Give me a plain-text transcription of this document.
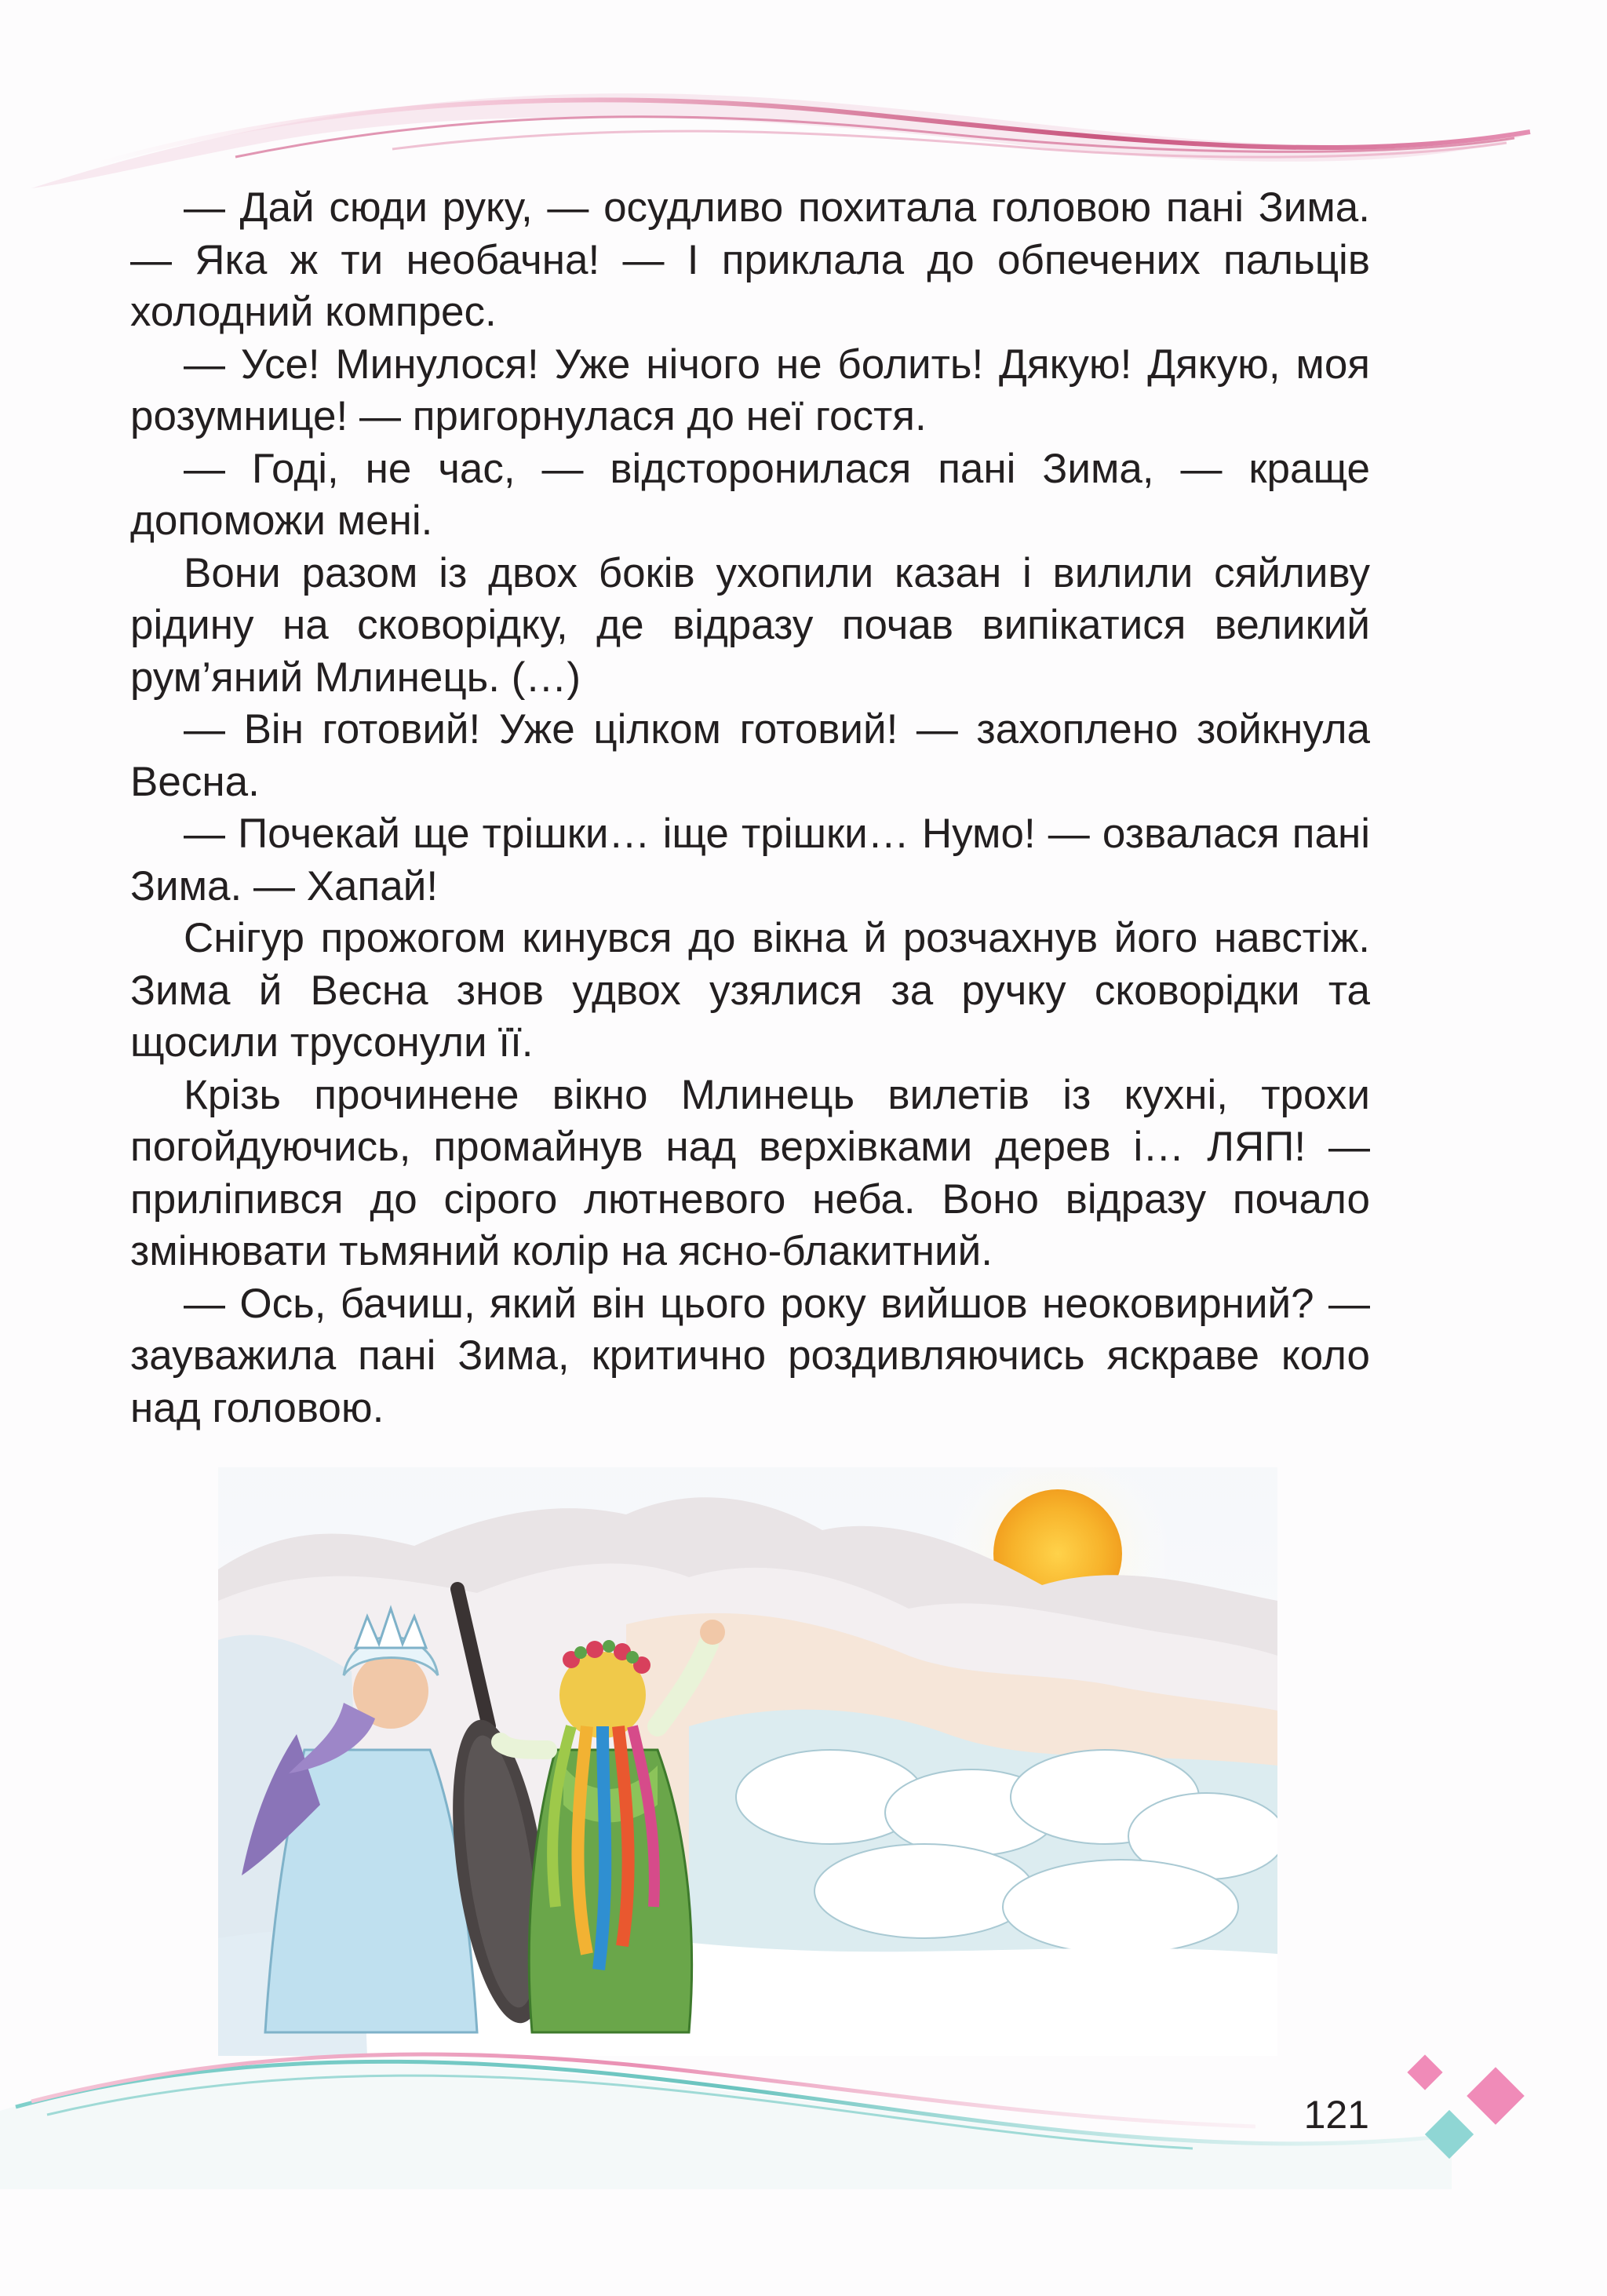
— Дай сюди руку, — осудливо похитала головою пані Зима. — Яка ж ти необачна! — І приклала до обпечених пальців холодний компрес.

— Усе! Минулося! Уже нічого не болить! Дякую! Дякую, моя розумнице! — пригорнулася до неї гостя.

— Годі, не час, — відсторонилася пані Зима, — краще допоможи мені.

Вони разом із двох боків ухопили казан і вилили сяйливу рідину на сковорідку, де відразу почав випікатися великий рум’яний Млинець. (…)

— Він готовий! Уже цілком готовий! — захоплено зойкнула Весна.

— Почекай ще трішки… іще трішки… Нумо! — озвалася пані Зима. — Хапай!

Снігур прожогом кинувся до вікна й розчахнув його навстіж. Зима й Весна знов удвох узялися за ручку сковорідки та щосили трусонули її.

Крізь прочинене вікно Млинець вилетів із кухні, трохи погойдуючись, промайнув над верхівками дерев і… ЛЯП! — приліпився до сірого лютневого неба. Воно відразу почало змінювати тьмяний колір на ясно-блакитний.

— Ось, бачиш, який він цього року вийшов неоковирний? — зауважила пані Зима, критично роздивляючись яскраве коло над головою.

121
